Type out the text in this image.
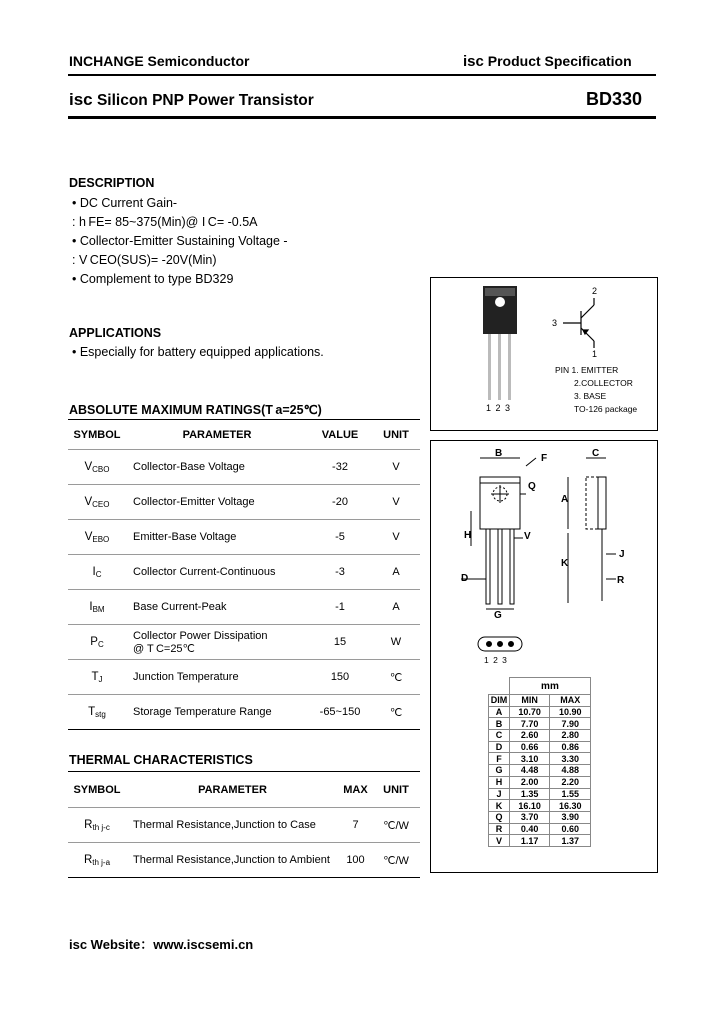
INCHANGE Semiconductor	isc Product Specification
isc Silicon PNP Power Transistor	BD330
DESCRIPTION
• DC Current Gain-
: h FE= 85~375(Min)@ I C= -0.5A
• Collector-Emitter Sustaining Voltage -
: V CEO(SUS)= -20V(Min)
• Complement to type BD329
APPLICATIONS
• Especially for battery equipped applications.
ABSOLUTE MAXIMUM RATINGS(T a=25℃)
SYMBOL	PARAMETER	VALUE	UNIT
$V_{CBO}$	Collector-Base Voltage	-32	V
$V_{CEO}$	Collector-Emitter Voltage	-20	V
$V_{EBO}$	Emitter-Base Voltage	-5	V
$I_C$	Collector Current-Continuous	-3	A
$I_{BM}$	Base Current-Peak	-1	A
$P_C$	Collector Power Dissipation
@ T C=25℃	15	W
$T_J$	Junction Temperature	150	℃
$T_{stg}$	Storage Temperature Range	-65~150	℃
THERMAL CHARACTERISTICS
SYMBOL	PARAMETER	MAX	UNIT
$R_{th j-c}$	Thermal Resistance,Junction to Case	7	℃/W
$R_{th j-a}$	Thermal Resistance,Junction to Ambient	100	℃/W
2
3
1
PIN 1. EMITTER
2.COLLECTOR
3. BASE
TO-126 package
1 2 3
B	F	C
Q
A
H	V
J
K
D	R
G
1 2 3
	mm	
DIM	MIN	MAX
A	10.70	10.90
B	7.70	7.90
C	2.60	2.80
D	0.66	0.86
F	3.10	3.30
G	4.48	4.88
H	2.00	2.20
J	1.35	1.55
K	16.10	16.30
Q	3.70	3.90
R	0.40	0.60
V	1.17	1.37
isc Website：www.iscsemi.cn
